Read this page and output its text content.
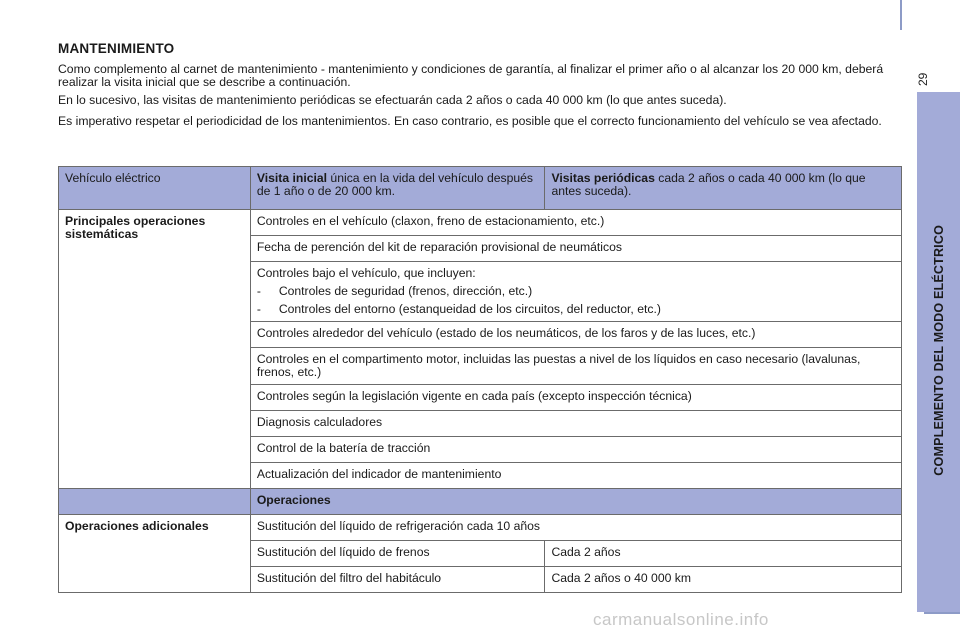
29
COMPLEMENTO DEL MODO ELÉCTRICO
MANTENIMIENTO

Como complemento al carnet de mantenimiento - mantenimiento y condiciones de garantía, al finalizar el primer año o al alcanzar los 20 000 km, deberá realizar la visita inicial que se describe a continuación.

En lo sucesivo, las visitas de mantenimiento periódicas se efectuarán cada 2 años o cada 40 000 km (lo que antes suceda).

Es imperativo respetar el periodicidad de los mantenimientos. En caso contrario, es posible que el correcto funcionamiento del vehículo se vea afectado.

Vehículo eléctrico	Visita inicial única en la vida del vehículo después de 1 año o de 20 000 km.	Visitas periódicas cada 2 años o cada 40 000 km (lo que antes suceda).
Principales operaciones sistemáticas	Controles en el vehículo (claxon, freno de estacionamiento, etc.)	
	Fecha de perención del kit de reparación provisional de neumáticos	

	Controles bajo el vehículo, que incluyen:
- Controles de seguridad (frenos, dirección, etc.)
- Controles del entorno (estanqueidad de los circuitos, del reductor, etc.)	

	Controles alrededor del vehículo (estado de los neumáticos, de los faros y de las luces, etc.)	
	Controles en el compartimento motor, incluidas las puestas a nivel de los líquidos en caso necesario (lavalunas, frenos, etc.)	
	Controles según la legislación vigente en cada país (excepto inspección técnica)	
	Diagnosis calculadores	
	Control de la batería de tracción	
	Actualización del indicador de mantenimiento	
	Operaciones	
Operaciones adicionales	Sustitución del líquido de refrigeración cada 10 años	
	Sustitución del líquido de frenos	Cada 2 años
	Sustitución del filtro del habitáculo	Cada 2 años o 40 000 km
carmanualsonline.info
